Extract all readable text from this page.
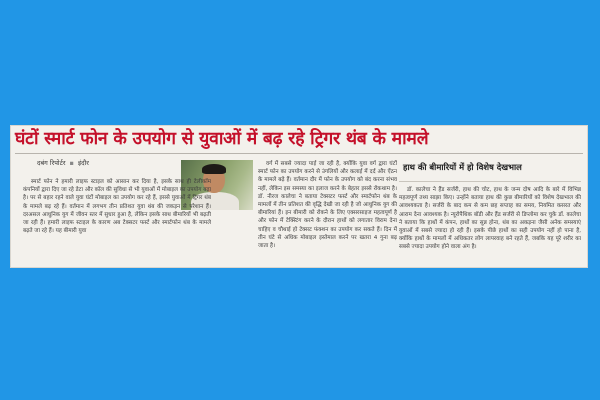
घंटों स्मार्ट फोन के उपयोग से युवाओं में बढ़ रहे ट्रिगर थंब के मामले
दबंग रिपोर्टर ▪ इंदौर	हाथ की बीमारियों में हो विशेष देखभाल

स्मार्ट फोन ने हमारी लाइफ स्टाइल को आसान कर दिया है, इसके साथ ही टेलीकॉम कंपनियों द्वारा दिए जा रहे डेटा और कॉल की सुविधा से भी युवाओं में मोबाइल का उपयोग बढ़ा है। पर से बहार रहने वाले युवा घंटों मोबाइल का उपयोग कर रहे हैं, इससे युवाओं में ट्रिगर थंब के मामले बढ़ रहे हैं। वर्तमान में लगभग तीन प्रतिशत युवा थंब की जकड़न से परेशान हैं। दरअसल आधुनिक युग में जीवन स्तर में सुधार हुआ है, लेकिन इसके साथ बीमारियों भी बढ़ती जा रही हैं। हमारी लाइफ स्टाइल के कारण अब टेक्सटर फर्स्ट और स्मार्टफोन थंब के मामले बढ़ते जा रहे हैं। यह बीमारी युवा

वर्ग में सबसे ज्यादा पाई जा रही है, क्योंकि युवा वर्ग द्वारा घंटों स्मार्ट फोन का उपयोग करने से उंगलियों और कलाई में दर्द और ऐंठन के मामले बढ़े हैं। वर्तमान दौर में फोन के उपयोग को बंद करना संभव नहीं, लेकिन इस समस्या का इलाज करने के बेहतर इससे रोकथाम है। डॉ. नीरज कालेचा ने बताया टेक्सटर फर्स्ट और स्मार्टफोन थंब के मामलों में तीन प्रतिशत की वृद्धि देखी जा रही है जो आधुनिक युग की बीमारियां हैं। इन बीमारी को रोकने के लिए एक्सरसाइज महत्वपूर्ण है और फोन में टेक्स्टिंग करने के दौरान हाथों को लगातार विराम देना चाहिए व चौथाई हो टेक्सट फंक्शन का उपयोग कर सकते हैं। दिन में तीन घंटे से अधिक मोबाइल इस्तेमाल करने पर खतरा 4 गुना बढ़ जाता है।

डॉ. कालेचा ने हैंड सर्जरी, हाथ की चोट, हाथ के जन्म दोष आदि के बारे में विभिन्न महत्वपूर्ण तथ्य साझा किए। उन्होंने बताया हाथ की कुछ बीमारियों को विशेष देखभाल की आवश्यकता है। सर्जरी के बाद कम से कम छह सप्ताह का समय, नियमित कसरत और आराम देना आवश्यक है। न्यूरोपैथिक बॉडी और हैंड सर्जरी से डिप्लोमा कर चुके डॉ. कालेचा ने बताया कि हाथों में कंपन, हाथों का सुन्न होना, थंब का अकड़ना जैसी अनेक समस्याएं युवाओं में सबसे ज्यादा हो रही हैं। इसके पीछे हाथों का सही उपयोग नहीं हो पाना है, क्योंकि हाथों के मामलों में अधिकतर लोग लापरवाह बने रहते हैं, जबकि यह पूरे शरीर का सबसे ज्यादा उपयोग होने वाला अंग है।
